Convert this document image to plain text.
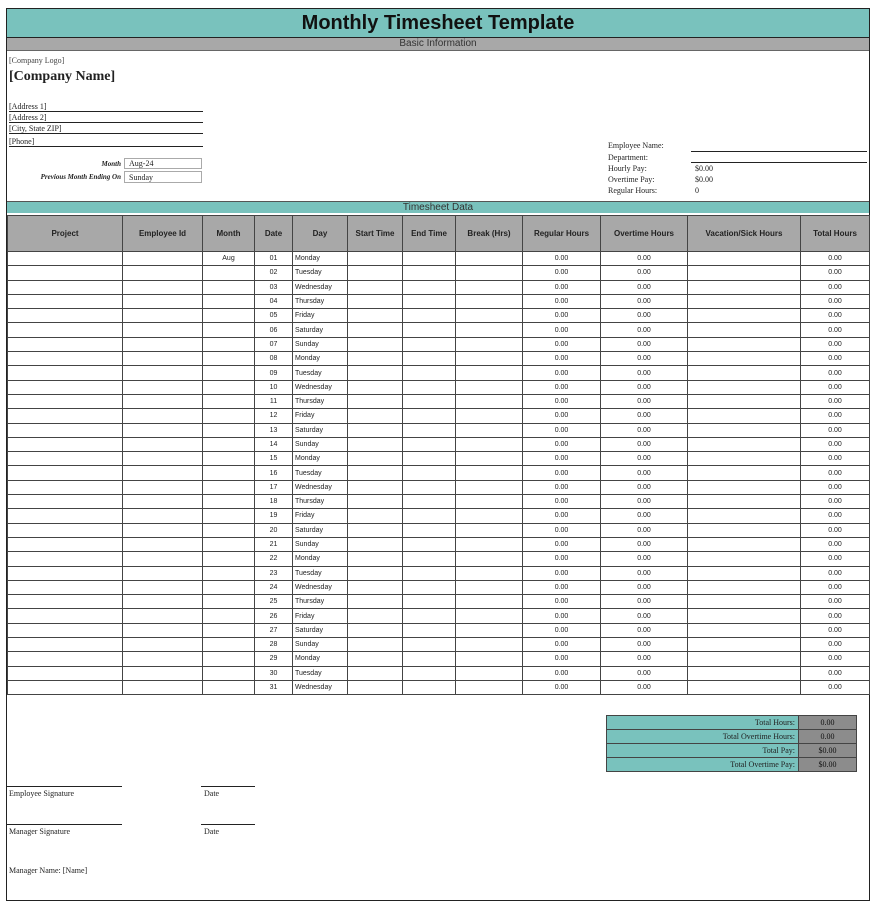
Monthly Timesheet Template
Basic Information
[Company Logo]
[Company Name]
[Address 1]
[Address 2]
[City, State ZIP]
[Phone]
Month	Aug-24
Previous Month Ending On	Sunday
Employee Name:
Department:
Hourly Pay:	$0.00
Overtime Pay:	$0.00
Regular Hours:	0
Timesheet Data
Project	Employee Id	Month	Date	Day	Start Time	End Time	Break (Hrs)	Regular Hours	Overtime Hours	Vacation/Sick Hours	Total Hours
		Aug	01	Monday				0.00	0.00		0.00
			02	Tuesday				0.00	0.00		0.00
			03	Wednesday				0.00	0.00		0.00
			04	Thursday				0.00	0.00		0.00
			05	Friday				0.00	0.00		0.00
			06	Saturday				0.00	0.00		0.00
			07	Sunday				0.00	0.00		0.00
			08	Monday				0.00	0.00		0.00
			09	Tuesday				0.00	0.00		0.00
			10	Wednesday				0.00	0.00		0.00
			11	Thursday				0.00	0.00		0.00
			12	Friday				0.00	0.00		0.00
			13	Saturday				0.00	0.00		0.00
			14	Sunday				0.00	0.00		0.00
			15	Monday				0.00	0.00		0.00
			16	Tuesday				0.00	0.00		0.00
			17	Wednesday				0.00	0.00		0.00
			18	Thursday				0.00	0.00		0.00
			19	Friday				0.00	0.00		0.00
			20	Saturday				0.00	0.00		0.00
			21	Sunday				0.00	0.00		0.00
			22	Monday				0.00	0.00		0.00
			23	Tuesday				0.00	0.00		0.00
			24	Wednesday				0.00	0.00		0.00
			25	Thursday				0.00	0.00		0.00
			26	Friday				0.00	0.00		0.00
			27	Saturday				0.00	0.00		0.00
			28	Sunday				0.00	0.00		0.00
			29	Monday				0.00	0.00		0.00
			30	Tuesday				0.00	0.00		0.00
			31	Wednesday				0.00	0.00		0.00
Total Hours:	0.00
Total Overtime Hours:	0.00
Total Pay:	$0.00
Total Overtime Pay:	$0.00
Employee Signature	Date
Manager Signature	Date
Manager Name: [Name]
